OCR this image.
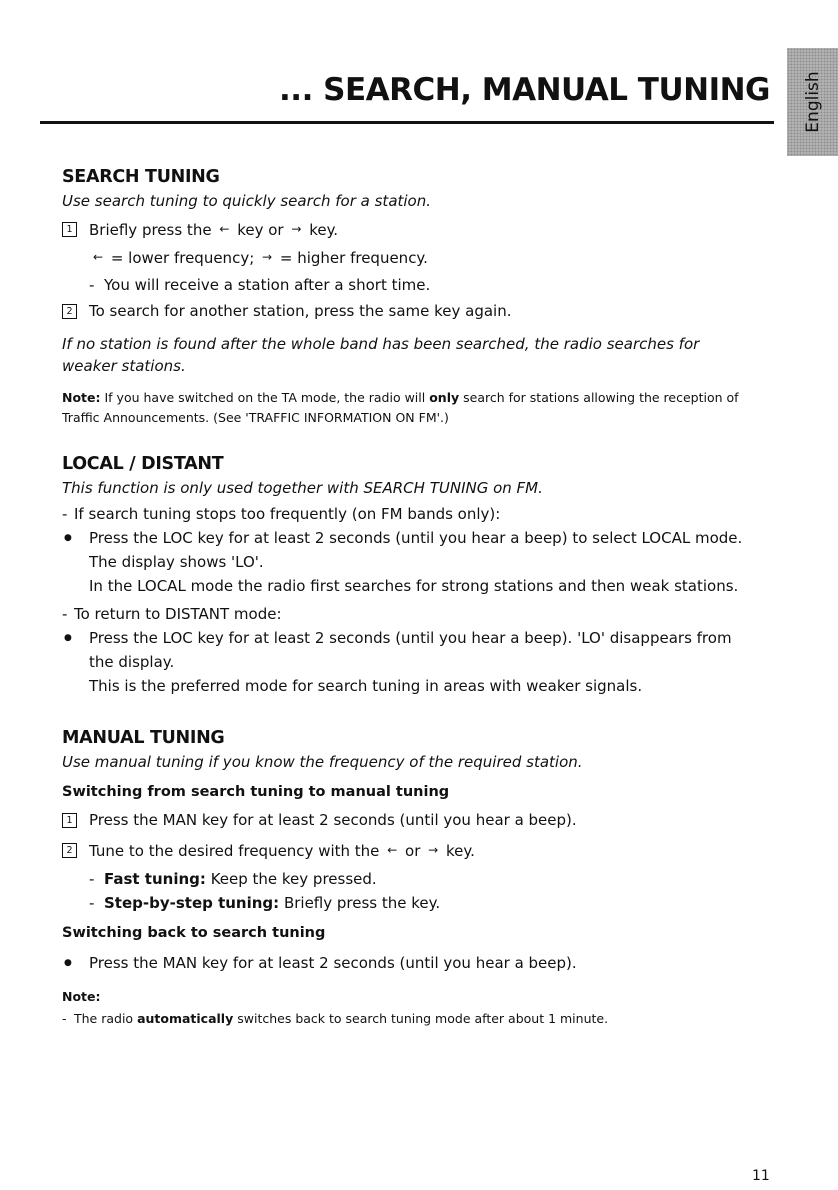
English
... SEARCH, MANUAL TUNING
SEARCH TUNING

Use search tuning to quickly search for a station.

1 Briefly press the ← key or → key.

← = lower frequency; → = higher frequency.

- You will receive a station after a short time.

2 To search for another station, press the same key again.

If no station is found after the whole band has been searched, the radio searches for weaker stations.

Note: If you have switched on the TA mode, the radio will only search for stations allowing the reception of Traffic Announcements. (See 'TRAFFIC INFORMATION ON FM'.)

LOCAL / DISTANT

This function is only used together with SEARCH TUNING on FM.

- If search tuning stops too frequently (on FM bands only):

● Press the LOC key for at least 2 seconds (until you hear a beep) to select LOCAL mode.

The display shows 'LO'.

In the LOCAL mode the radio first searches for strong stations and then weak stations.

- To return to DISTANT mode:

● Press the LOC key for at least 2 seconds (until you hear a beep). 'LO' disappears from

the display.

This is the preferred mode for search tuning in areas with weaker signals.

MANUAL TUNING

Use manual tuning if you know the frequency of the required station.

Switching from search tuning to manual tuning

1 Press the MAN key for at least 2 seconds (until you hear a beep).

2 Tune to the desired frequency with the ← or → key.

- Fast tuning: Keep the key pressed.

- Step-by-step tuning: Briefly press the key.

Switching back to search tuning

● Press the MAN key for at least 2 seconds (until you hear a beep).

Note:

- The radio automatically switches back to search tuning mode after about 1 minute.

11
